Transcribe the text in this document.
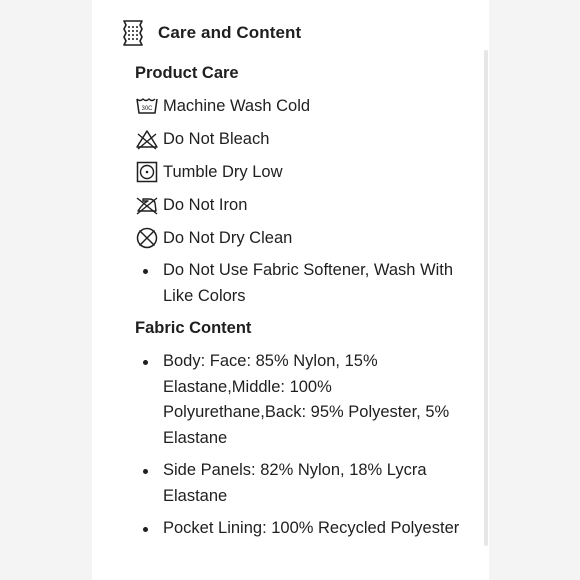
Care and Content
Product Care
30C Machine Wash Cold
Do Not Bleach
Tumble Dry Low
Do Not Iron
Do Not Dry Clean
Do Not Use Fabric Softener, Wash With Like Colors
Fabric Content
Body: Face: 85% Nylon, 15% Elastane,Middle: 100% Polyurethane,Back: 95% Polyester, 5% Elastane
Side Panels: 82% Nylon, 18% Lycra Elastane
Pocket Lining: 100% Recycled Polyester
